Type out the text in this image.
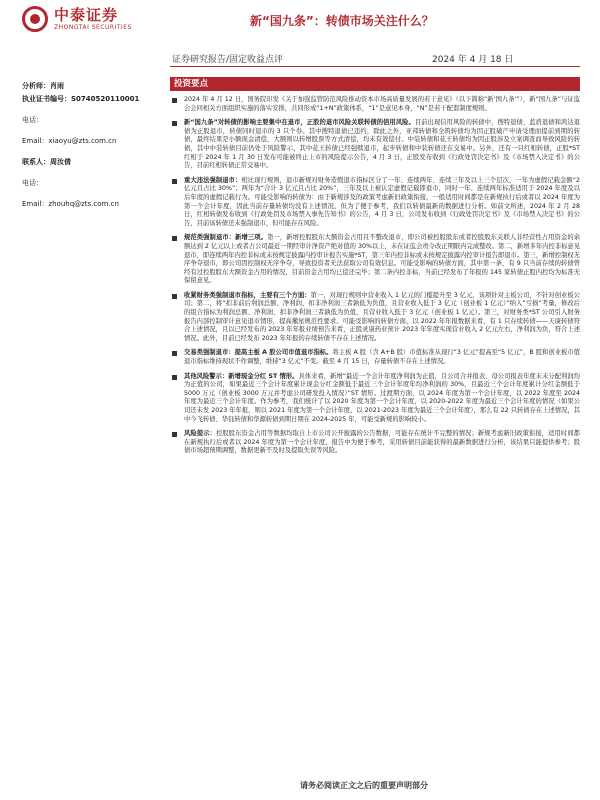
中泰证券
ZHONGTAI SECURITIES	新“国九条”：转债市场关注什么？
证券研究报告/固定收益点评	2024 年 4 月 18 日
分析师：肖雨
执业证书编号：S0740520110001
电话：
Email：xiaoyu@zts.com.cn
联系人：周汝倩
电话：
Email：zhouhq@zts.com.cn
投资要点
2024 年 4 月 12 日，国务院印发《关于加强监管防范风险推动资本市场高质量发展的若干意见》（以下简称“新‘国九条’”），新“国九条”与证监会会同相关方面组织实施的落实安排，共同形成“1+N”政策体系，“1”是意见本身，“N”是若干配套制度规则。
新“国九条”对转债的影响主要集中在退市，正股的退市风险关联转债的信用风险。目前出现信用风险的转债中，搜特退债、蓝盾退债和鸿达退债为正股退市，转债同时退市的 3 只个券。其中搜特退债已违约，除此之外，亚邦转债和全筑转债均为因正股破产申请受理而提前到期的转债，最终结果是小额现金清偿，大额则以转增股票等方式清偿，均未有效偿付。中装转债和花王转债均为因正股涉及立案调查而导致风险的转债，其中中装转债目前仍处于风险警示，其中花王转债已经强赎退市，起步转债和中装转债还在交易中。另外，还有一只红相转债，正股*ST 红相于 2024 年 1 月 30 日发布可能被终止上市的风险提示公告，4 月 3 日，正股发布收到《行政处罚决定书》及《市场禁入决定书》的公告，目前红相转债正常交易中。
重大违法强制退市：相比现行规则，退市新规对财务造假退市指标区分了一年、连续两年、连续三年及以上三个层次，一年为虚假记载金额“2 亿元且占比 30%”；两年为“合计 3 亿元且占比 20%”，三年及以上被认定虚假记载即退市，同时一年、连续两年标准适用于 2024 年度及以后年度的虚假记载行为。可能受影响的转债为：由于新规涉及的政策考虑新旧政策衔接，一般适用时间都是在新规执行后或者以 2024 年度为第一个会计年度，因此当前存量转债均没有上述情况，但为了便于参考，我们以转债最新的数据进行分析。如前文所述，2024 年 2 月 28 日，红相转债发布收到《行政处罚及市场禁入事先告知书》的公告，4 月 3 日，公司发布收到《行政处罚决定书》及《市场禁入决定书》的公告，目前该转债还未强制退市，但可能存在风险。
规范类强制退市：新增三项。第一，新增控股股东大额资金占用且不整改退市，即公司被控股股东或者控股股东关联人非经营性占用资金的余额达到 2 亿元以上或者占公司最近一期经审计净资产绝对值的 30%以上，未在证监会责令改正期限内完成整改。第二，新增多年内控非标意见退市，即连续两年内控非标或未按规定披露内控审计报告实施*ST，第三年内控非标或未按规定披露内控审计报告即退市。第三，新增控制权无序争夺退市，即公司因控制权无序争夺，导致投资者无法获取公司有效信息。可能受影响的转债方面，其中第一条，有 9 只当前存续的转债曾经有过控股股东大额资金占用的情况，目前资金占用均已偿还完毕；第二条内控非标，当前已经发布了年报的 145 家转债正股内控均为标准无保留意见。
收紧财务类强制退市指标，主要有三个方面：第一，对现行规则中营业收入 1 亿元的门槛提升至 3 亿元，该项针对主板公司，不针对创业板公司；第二，将“扣非前后利润总额、净利润、扣非净利润三者孰低为负值，且营业收入低于 3 亿元（创业板 1 亿元）”纳入“亏损”考量，修改后的组合指标为利润总额、净利润、扣非净利润三者孰低为负值，且营业收入低于 3 亿元（创业板 1 亿元）。第三，对财务类*ST 公司引入财务报告内部控制审计意见退市情形，提高撤星规范性要求。可能受影响的转债方面，以 2022 年年报数据来看，有 1 只存续转债——天康转债符合上述情况，且以已经发布的 2023 年年报业绩预告来看，正股灵康药业预计 2023 年年度实现营业收入 2 亿元左右，净利润为负，符合上述情况。此外，目前已经发布 2023 年年报的存续转债不存在上述情况。
交易类强制退市：提高主板 A 股公司市值退市指标。将主板 A 股（含 A+B 股）市值标准从现行“3 亿元”提高至“5 亿元”，B 股和创业板市值退市指标维持现状不作调整，维持“3 亿元”不变。截至 4 月 15 日，存量转债不存在上述情况。
其他风险警示：新增现金分红 ST 情形。具体来看，新增“最近一个会计年度净利润为正值，且公司合并报表、母公司报表年度末未分配利润均为正值的公司，如果最近三个会计年度累计现金分红金额低于最近三个会计年度年均净利润的 30%，且最近三个会计年度累计分红金额低于 5000 万元（创业板 3000 万元并考虑公司研发投入情况）”ST 情形。过渡期方面，以 2024 年度为第一个会计年度，以 2022 年度至 2024 年度为最近三个会计年度。作为参考，我们统计了以 2020 年度为第一个会计年度，以 2020-2022 年度为最近三个会计年度的情况（如果公司还未发 2023 年年报，则以 2021 年度为第一个会计年度，以 2021-2023 年度为最近三个会计年度），那么有 22 只转债存在上述情况，其中今飞转债、华钰转债和华源转债到期日期在 2024-2025 年，可能受新规的影响较小。
风险提示：控股股东资金占用等数据均取自上市公司公开披露的公告数据，可能存在统计不完整的情况；新规考虑新旧政策衔接，适用时间都在新规执行后或者以 2024 年度为第一个会计年度，报告中为便于参考，采用转债目前能获得的最新数据进行分析，该结果只能提供参考；股债市场超预期调整，数据更新不及时及提取失误等风险。
请务必阅读正文之后的重要声明部分
